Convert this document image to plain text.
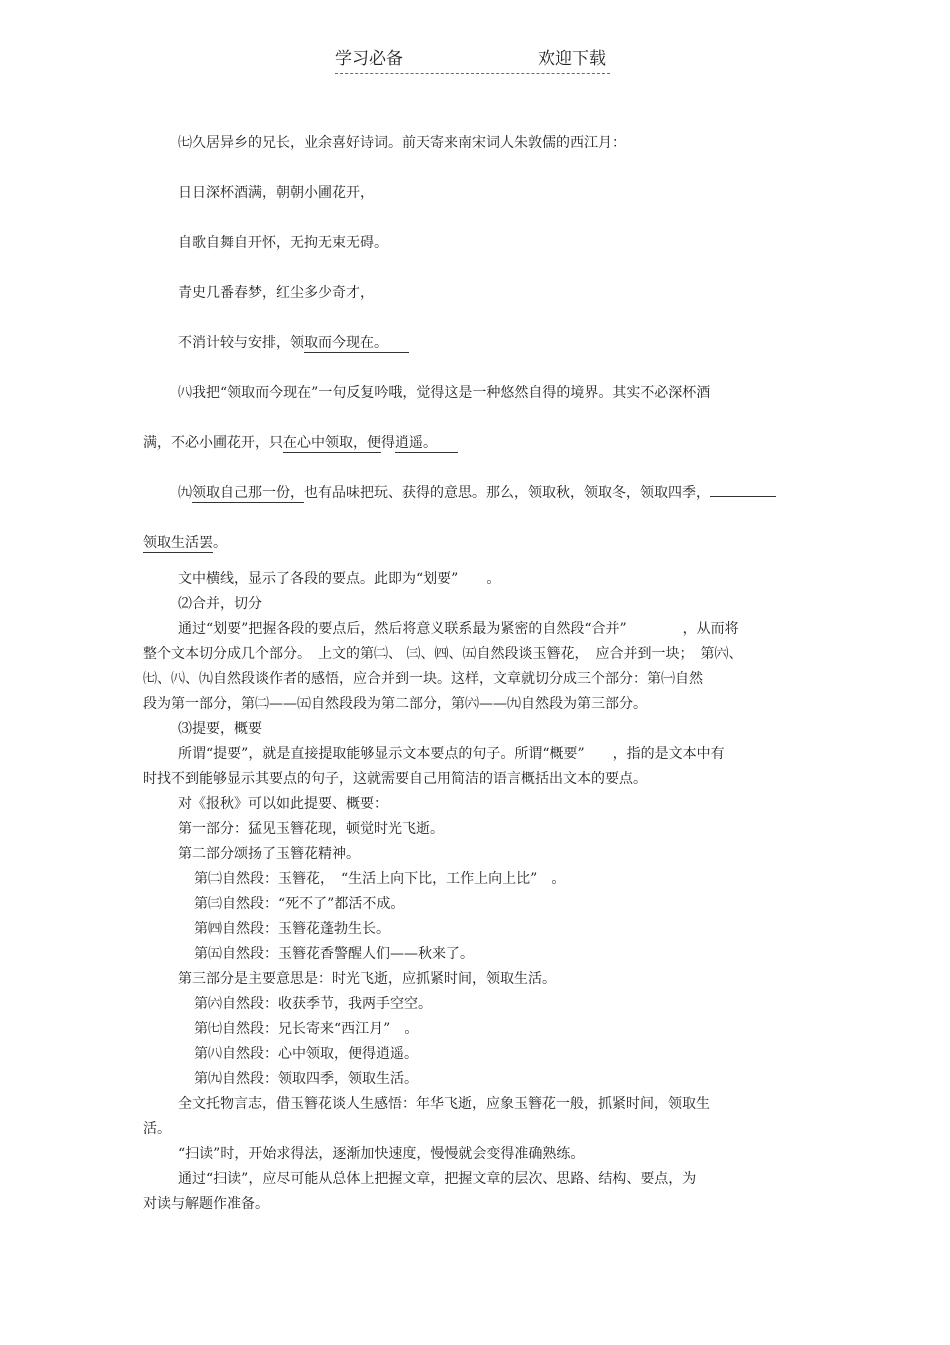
学习必备	欢迎下载
㈦久居异乡的兄长，业余喜好诗词。前天寄来南宋词人朱敦儒的西江月：
日日深杯酒满，朝朝小圃花开，
自歌自舞自开怀，无拘无束无碍。
青史几番春梦，红尘多少奇才，
不消计较与安排，领取而今现在。　　
㈧我把“领取而今现在”一句反复吟哦，觉得这是一种悠然自得的境界。其实不必深杯酒
满，不必小圃花开，只在心中领取，便得逍遥。　　
㈨领取自己那一份，也有品味把玩、获得的意思。那么，领取秋，领取冬，领取四季，
领取生活罢。
文中横线，显示了各段的要点。此即为“划要”　　。
⑵合并，切分
通过“划要”把握各段的要点后，然后将意义联系最为紧密的自然段“合并”　　　　，从而将
整个文本切分成几个部分。　上文的第㈡、 ㈢、㈣、㈤自然段谈玉簪花，　应合并到一块；　第㈥、
㈦、㈧、㈨自然段谈作者的感悟，应合并到一块。这样，文章就切分成三个部分：第㈠自然
段为第一部分，第㈡——㈤自然段段为第二部分，第㈥——㈨自然段为第三部分。
⑶提要，概要
所谓“提要”，就是直接提取能够显示文本要点的句子。所谓“概要”　　，指的是文本中有
时找不到能够显示其要点的句子，这就需要自己用简洁的语言概括出文本的要点。
对《报秋》可以如此提要、概要：
第一部分：猛见玉簪花现，顿觉时光飞逝。
第二部分颂扬了玉簪花精神。
第㈡自然段：玉簪花，　“生活上向下比，工作上向上比”　。
第㈢自然段：“死不了”都活不成。
第㈣自然段：玉簪花蓬勃生长。
第㈤自然段：玉簪花香警醒人们——秋来了。
第三部分是主要意思是：时光飞逝，应抓紧时间，领取生活。
第㈥自然段：收获季节，我两手空空。
第㈦自然段：兄长寄来“西江月”　。
第㈧自然段：心中领取，便得逍遥。
第㈨自然段：领取四季，领取生活。
全文托物言志，借玉簪花谈人生感悟：年华飞逝，应象玉簪花一般，抓紧时间，领取生
活。
“扫读”时，开始求得法，逐渐加快速度，慢慢就会变得准确熟练。
通过“扫读”，应尽可能从总体上把握文章，把握文章的层次、思路、结构、要点，为
对读与解题作准备。
